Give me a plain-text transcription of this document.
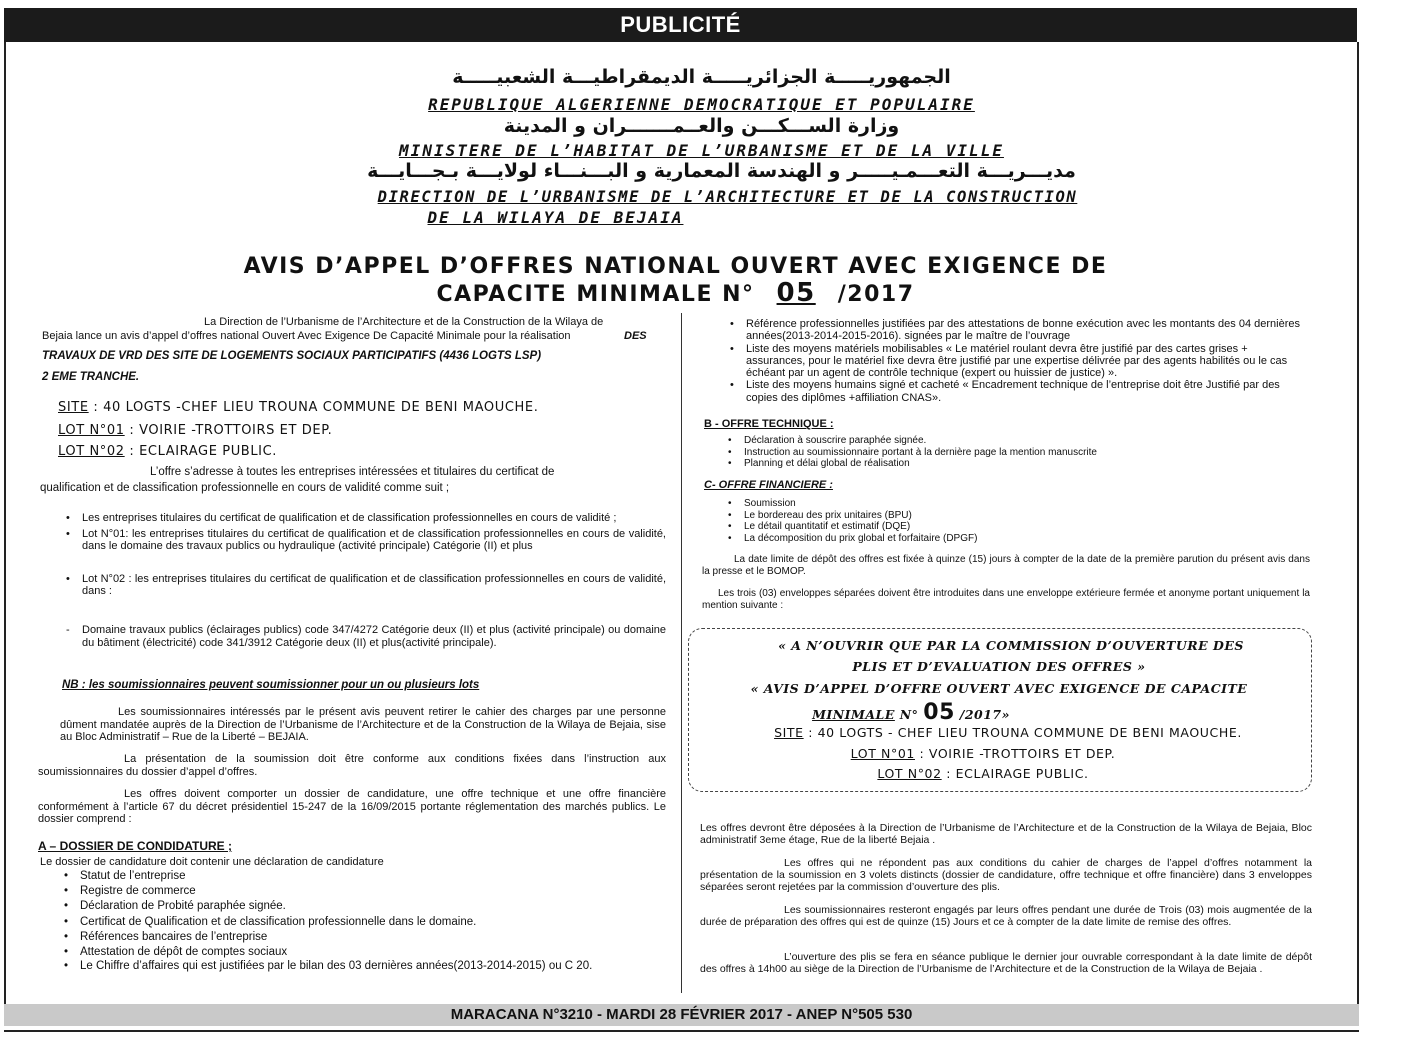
PUBLICITÉ
الجمهوريـــــة الجزائريـــــة الديمقراطيـــة الشعبيـــــة
REPUBLIQUE ALGERIENNE DEMOCRATIQUE ET POPULAIRE
وزارة الســـكـــن والعــمـــــــران و المدينة
MINISTERE DE L’HABITAT DE L’URBANISME ET DE LA VILLE
مديـــريـــة التعـــمـيـــــر و الهندسة المعمارية و البـــنـــاء لولايـــة بـجـــايـــة
DIRECTION DE L’URBANISME DE L’ARCHITECTURE ET DE LA CONSTRUCTION
DE LA WILAYA DE BEJAIA
AVIS D’APPEL D’OFFRES NATIONAL OUVERT AVEC EXIGENCE DE
CAPACITE MINIMALE N° 05 /2017

La Direction de l’Urbanisme de l’Architecture et de la Construction de la Wilaya de

Bejaia lance un avis d’appel d’offres national Ouvert Avec Exigence De Capacité Minimale pour la réalisation	DES

TRAVAUX DE VRD DES SITE DE LOGEMENTS SOCIAUX PARTICIPATIFS (4436 LOGTS LSP)

2 EME TRANCHE.

SITE : 40 LOGTS -CHEF LIEU TROUNA COMMUNE DE BENI MAOUCHE.

LOT N°01 : VOIRIE -TROTTOIRS ET DEP.

LOT N°02 : ECLAIRAGE PUBLIC.

L’offre s’adresse à toutes les entreprises intéressées et titulaires du certificat de

qualification et de classification professionnelle en cours de validité comme suit ;

• Les entreprises titulaires du certificat de qualification et de classification professionnelles en cours de validité ;
• Lot N°01: les entreprises titulaires du certificat de qualification et de classification professionnelles en cours de validité, dans le domaine des travaux publics ou hydraulique (activité principale) Catégorie (II) et plus
• Lot N°02 : les entreprises titulaires du certificat de qualification et de classification professionnelles en cours de validité, dans :
- Domaine travaux publics (éclairages publics) code 347/4272 Catégorie deux (II) et plus (activité principale) ou domaine du bâtiment (électricité) code 341/3912 Catégorie deux (II) et plus(activité principale).

NB : les soumissionnaires peuvent soumissionner pour un ou plusieurs lots

Les soumissionnaires intéressés par le présent avis peuvent retirer le cahier des charges par une personne dûment mandatée auprès de la Direction de l’Urbanisme de l’Architecture et de la Construction de la Wilaya de Bejaia, sise au Bloc Administratif – Rue de la Liberté – BEJAIA.

La présentation de la soumission doit être conforme aux conditions fixées dans l’instruction aux soumissionnaires du dossier d’appel d’offres.

Les offres doivent comporter un dossier de candidature, une offre technique et une offre financière conformément à l’article 67 du décret présidentiel 15-247 de la 16/09/2015 portante réglementation des marchés publics. Le dossier comprend :

A – DOSSIER DE CONDIDATURE ;

Le dossier de candidature doit contenir une déclaration de candidature

• Statut de l’entreprise
• Registre de commerce
• Déclaration de Probité paraphée signée.
• Certificat de Qualification et de classification professionnelle dans le domaine.
• Références bancaires de l’entreprise
• Attestation de dépôt de comptes sociaux
• Le Chiffre d’affaires qui est justifiées par le bilan des 03 dernières années(2013-2014-2015) ou C 20.
• Référence professionnelles justifiées par des attestations de bonne exécution avec les montants des 04 dernières années(2013-2014-2015-2016). signées par le maître de l’ouvrage
• Liste des moyens matériels mobilisables « Le matériel roulant devra être justifié par des cartes grises + assurances, pour le matériel fixe devra être justifié par une expertise délivrée par des agents habilités ou le cas échéant par un agent de contrôle technique (expert ou huissier de justice) ».
• Liste des moyens humains signé et cacheté « Encadrement technique de l’entreprise doit être Justifié par des copies des diplômes +affiliation CNAS».

B - OFFRE TECHNIQUE :

• Déclaration à souscrire paraphée signée.
• Instruction au soumissionnaire portant à la dernière page la mention manuscrite
• Planning et délai global de réalisation

C- OFFRE FINANCIERE :

• Soumission
• Le bordereau des prix unitaires (BPU)
• Le détail quantitatif et estimatif (DQE)
• La décomposition du prix global et forfaitaire (DPGF)

La date limite de dépôt des offres est fixée à quinze (15) jours à compter de la date de la première parution du présent avis dans la presse et le BOMOP.

Les trois (03) enveloppes séparées doivent être introduites dans une enveloppe extérieure fermée et anonyme portant uniquement la mention suivante :

« A N’OUVRIR QUE PAR LA COMMISSION D’OUVERTURE DES
PLIS ET D’EVALUATION DES OFFRES »
« AVIS D’APPEL D’OFFRE OUVERT AVEC EXIGENCE DE CAPACITE
MINIMALE N° 05 /2017»
SITE : 40 LOGTS - CHEF LIEU TROUNA COMMUNE DE BENI MAOUCHE.
LOT N°01 : VOIRIE -TROTTOIRS ET DEP.
LOT N°02 : ECLAIRAGE PUBLIC.

Les offres devront être déposées à la Direction de l’Urbanisme de l’Architecture et de la Construction de la Wilaya de Bejaia, Bloc administratif 3eme étage, Rue de la liberté Bejaia .

Les offres qui ne répondent pas aux conditions du cahier de charges de l’appel d’offres notamment la présentation de la soumission en 3 volets distincts (dossier de candidature, offre technique et offre financière) dans 3 enveloppes séparées seront rejetées par la commission d’ouverture des plis.

Les soumissionnaires resteront engagés par leurs offres pendant une durée de Trois (03) mois augmentée de la durée de préparation des offres qui est de quinze (15) Jours et ce à compter de la date limite de remise des offres.

L’ouverture des plis se fera en séance publique le dernier jour ouvrable correspondant à la date limite de dépôt des offres à 14h00 au siège de la Direction de l’Urbanisme de l’Architecture et de la Construction de la Wilaya de Bejaia .

MARACANA N°3210 - MARDI 28 FÉVRIER 2017 - ANEP N°505 530
